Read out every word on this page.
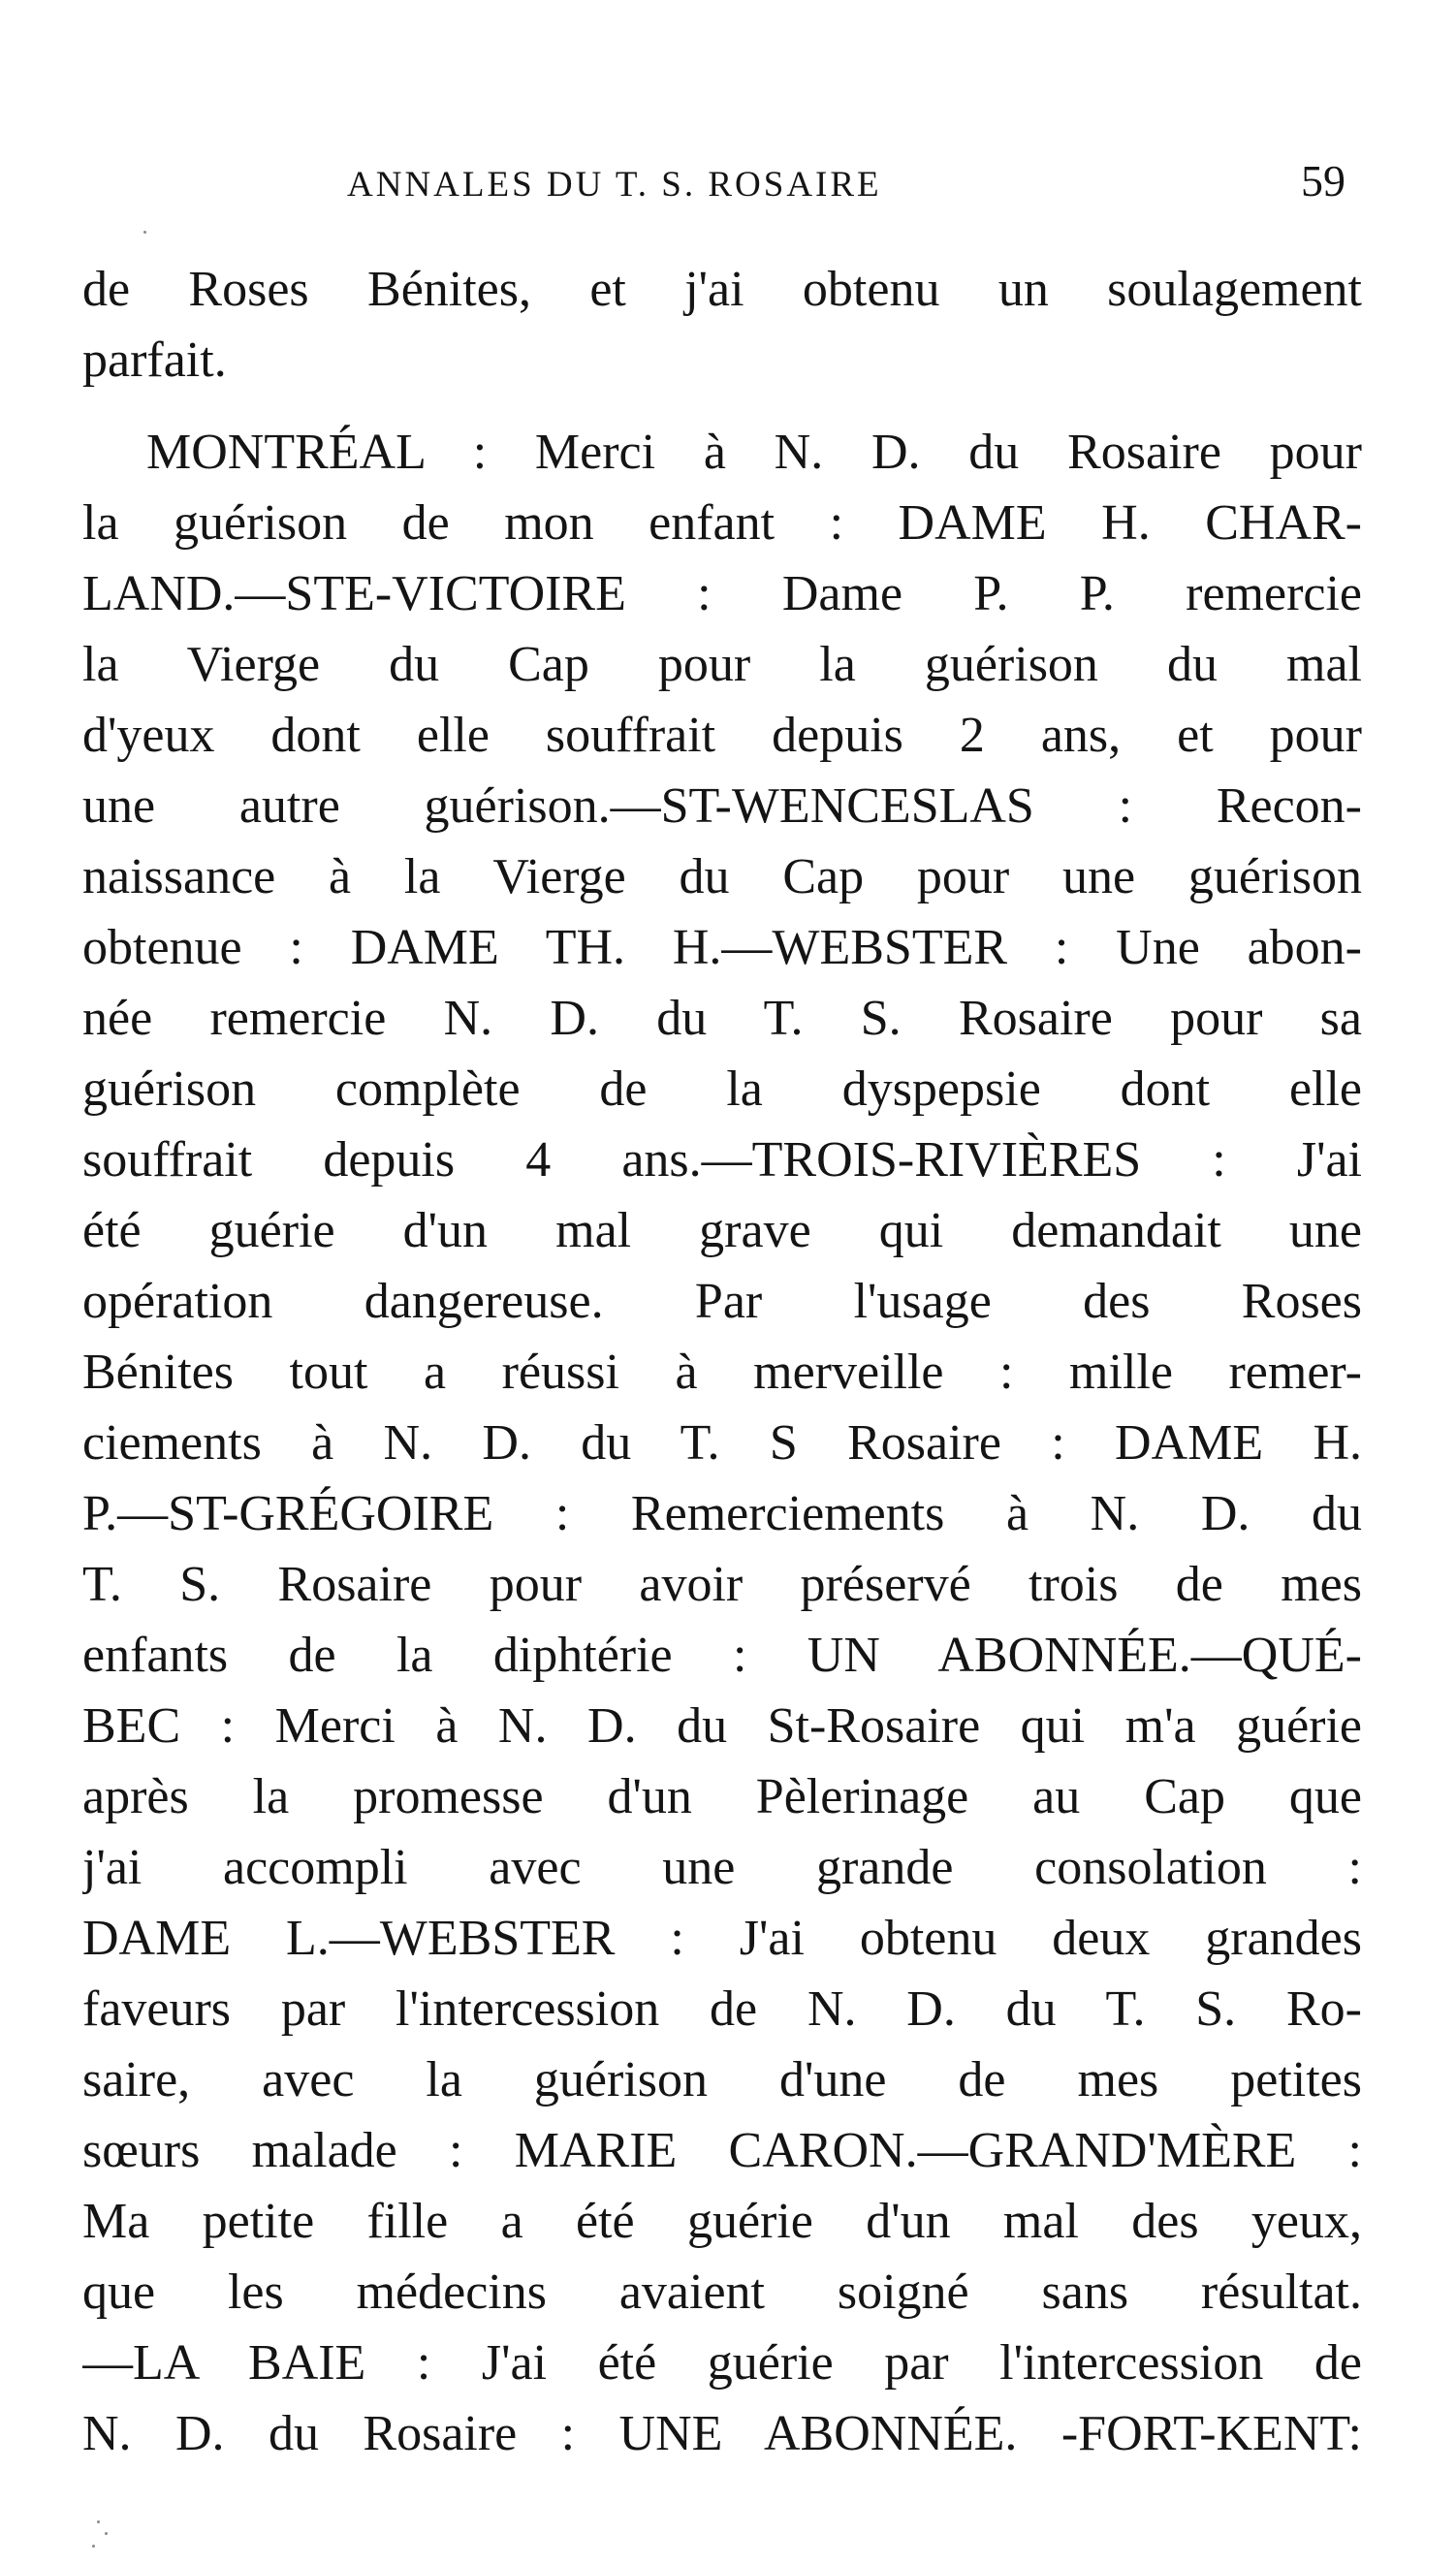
ANNALES DU T. S. ROSAIRE	59
de Roses Bénites, et j'ai obtenu un soulagement
parfait.
MONTRÉAL : Merci à N. D. du Rosaire pour
la guérison de mon enfant : DAME H. CHAR-
LAND.—STE-VICTOIRE : Dame P. P. remercie
la Vierge du Cap pour la guérison du mal
d'yeux dont elle souffrait depuis 2 ans, et pour
une autre guérison.—ST-WENCESLAS : Recon-
naissance à la Vierge du Cap pour une guérison
obtenue : DAME TH. H.—WEBSTER : Une abon-
née remercie N. D. du T. S. Rosaire pour sa
guérison complète de la dyspepsie dont elle
souffrait depuis 4 ans.—TROIS-RIVIÈRES : J'ai
été guérie d'un mal grave qui demandait une
opération dangereuse. Par l'usage des Roses
Bénites tout a réussi à merveille : mille remer-
ciements à N. D. du T. S Rosaire : DAME H.
P.—ST-GRÉGOIRE : Remerciements à N. D. du
T. S. Rosaire pour avoir préservé trois de mes
enfants de la diphtérie : UN ABONNÉE.—QUÉ-
BEC : Merci à N. D. du St-Rosaire qui m'a guérie
après la promesse d'un Pèlerinage au Cap que
j'ai accompli avec une grande consolation :
DAME L.—WEBSTER : J'ai obtenu deux grandes
faveurs par l'intercession de N. D. du T. S. Ro-
saire, avec la guérison d'une de mes petites
sœurs malade : MARIE CARON.—GRAND'MÈRE :
Ma petite fille a été guérie d'un mal des yeux,
que les médecins avaient soigné sans résultat.
—LA BAIE : J'ai été guérie par l'intercession de
N. D. du Rosaire : UNE ABONNÉE. -FORT-KENT:
